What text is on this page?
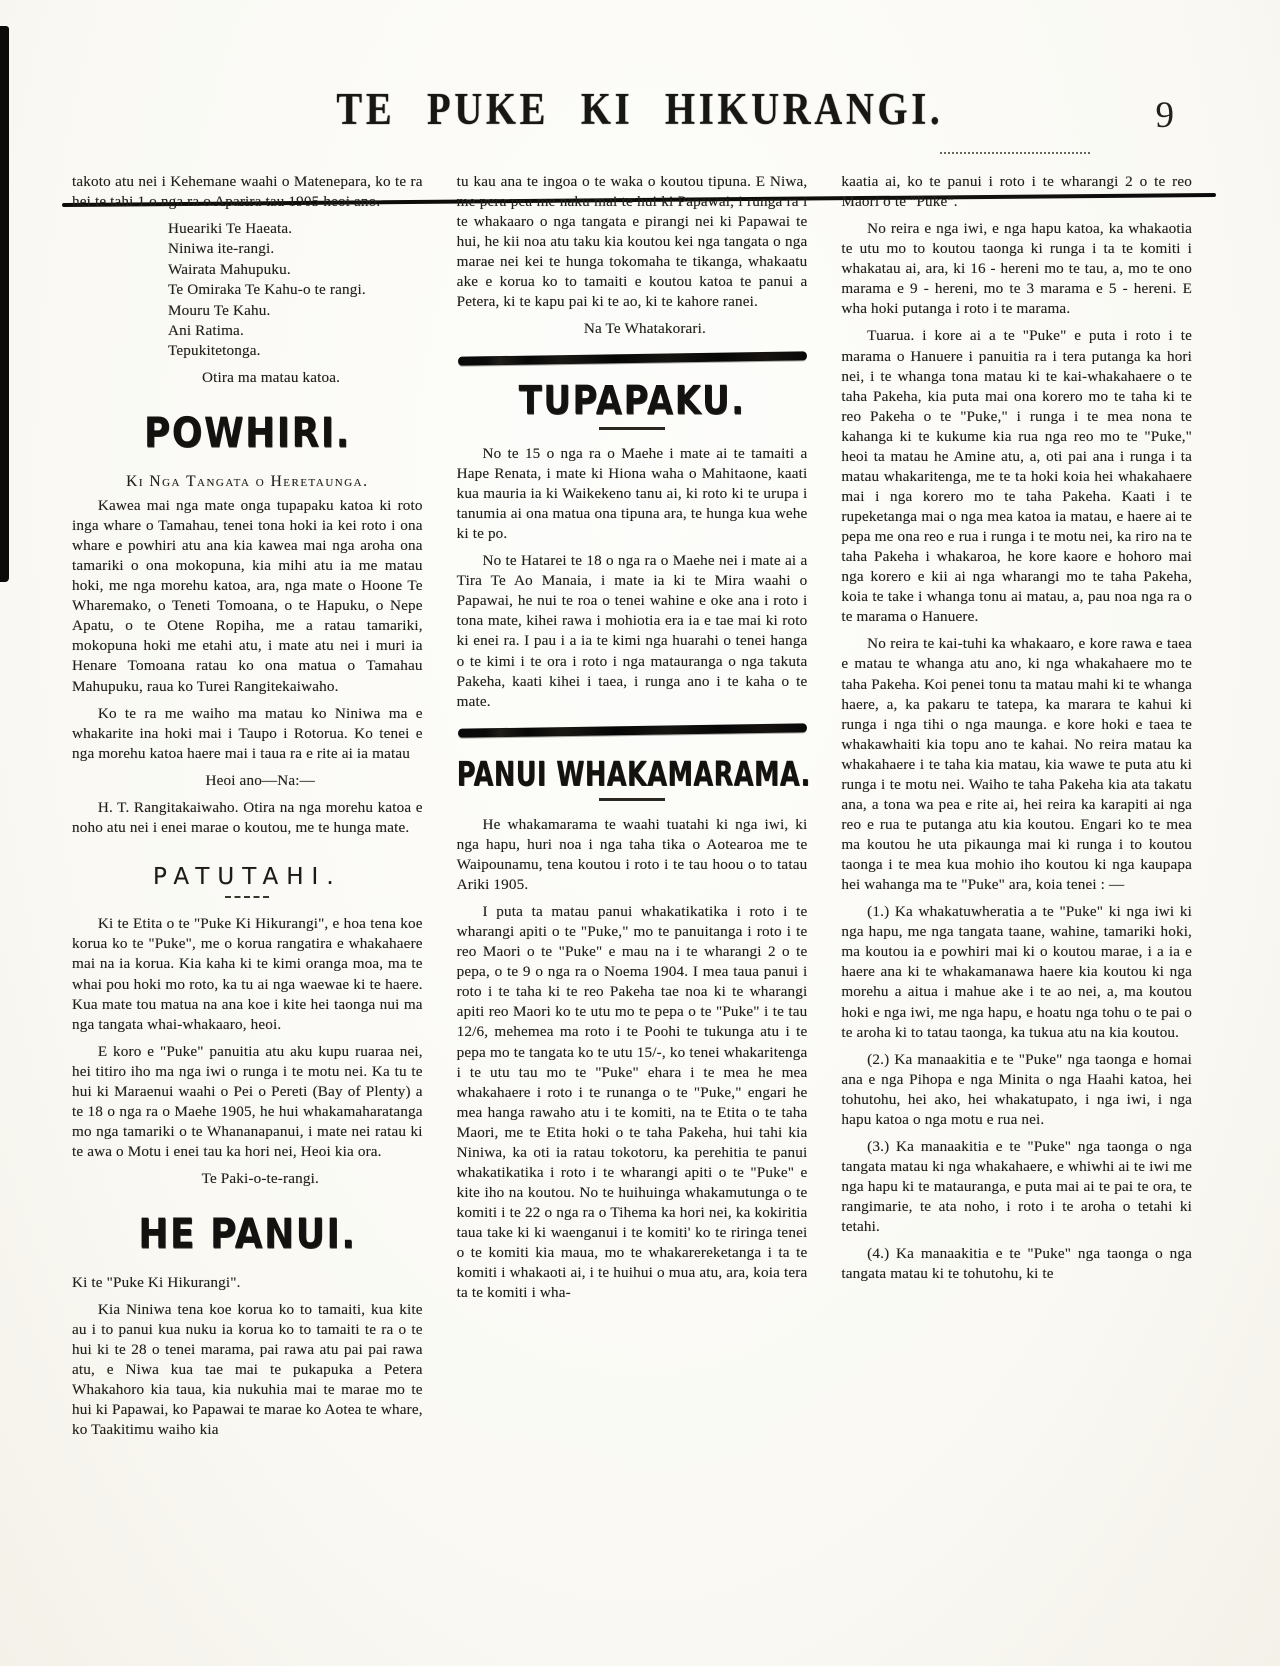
TE PUKE KI HIKURANGI.	9

takoto atu nei i Kehemane waahi o Matenepara, ko te ra hei te tahi 1 o nga ra o Aparira tau 1905 heoi ano.

Hueariki Te Haeata.
Niniwa ite-rangi.
Wairata Mahupuku.
Te Omiraka Te Kahu-o te rangi.
Mouru Te Kahu.
Ani Ratima.
Tepukitetonga.
Otira ma matau katoa.
POWHIRI.
Ki Nga Tangata o Heretaunga.

Kawea mai nga mate onga tupapaku katoa ki roto inga whare o Tamahau, tenei tona hoki ia kei roto i ona whare e powhiri atu ana kia kawea mai nga aroha ona tamariki o ona mokopuna, kia mihi atu ia me matau hoki, me nga morehu katoa, ara, nga mate o Hoone Te Wharemako, o Teneti Tomoana, o te Hapuku, o Nepe Apatu, o te Otene Ropiha, me a ratau tamariki, mokopuna hoki me etahi atu, i mate atu nei i muri ia Henare Tomoana ratau ko ona matua o Tamahau Mahupuku, raua ko Turei Rangitekaiwaho.

Ko te ra me waiho ma matau ko Niniwa ma e whakarite ina hoki mai i Taupo i Rotorua. Ko tenei e nga morehu katoa haere mai i taua ra e rite ai ia matau

Heoi ano—Na:—

H. T. Rangitakaiwaho. Otira na nga morehu katoa e noho atu nei i enei marae o koutou, me te hunga mate.

PATUTAHI.

Ki te Etita o te "Puke Ki Hikurangi", e hoa tena koe korua ko te "Puke", me o korua rangatira e whakahaere mai na ia korua. Kia kaha ki te kimi oranga moa, ma te whai pou hoki mo roto, ka tu ai nga waewae ki te haere. Kua mate tou matua na ana koe i kite hei taonga nui ma nga tangata whai-whakaaro, heoi.

E koro e "Puke" panuitia atu aku kupu ruaraa nei, hei titiro iho ma nga iwi o runga i te motu nei. Ka tu te hui ki Maraenui waahi o Pei o Pereti (Bay of Plenty) a te 18 o nga ra o Maehe 1905, he hui whakamaharatanga mo nga tamariki o te Whananapanui, i mate nei ratau ki te awa o Motu i enei tau ka hori nei, Heoi kia ora.

Te Paki-o-te-rangi.

HE PANUI.

Ki te "Puke Ki Hikurangi".

Kia Niniwa tena koe korua ko to tamaiti, kua kite au i to panui kua nuku ia korua ko to tamaiti te ra o te hui ki te 28 o tenei marama, pai rawa atu pai pai rawa atu, e Niwa kua tae mai te pukapuka a Petera Whakahoro kia taua, kia nukuhia mai te marae mo te hui ki Papawai, ko Papawai te marae ko Aotea te whare, ko Taakitimu waiho kia

tu kau ana te ingoa o te waka o koutou tipuna. E Niwa, me pera pea me naku mai te hui ki Papawai, i runga ra i te whakaaro o nga tangata e pirangi nei ki Papawai te hui, he kii noa atu taku kia koutou kei nga tangata o nga marae nei kei te hunga tokomaha te tikanga, whakaatu ake e korua ko to tamaiti e koutou katoa te panui a Petera, ki te kapu pai ki te ao, ki te kahore ranei.

Na Te Whatakorari.

TUPAPAKU.

No te 15 o nga ra o Maehe i mate ai te tamaiti a Hape Renata, i mate ki Hiona waha o Mahitaone, kaati kua mauria ia ki Waikekeno tanu ai, ki roto ki te urupa i tanumia ai ona matua ona tipuna ara, te hunga kua wehe ki te po.

No te Hatarei te 18 o nga ra o Maehe nei i mate ai a Tira Te Ao Manaia, i mate ia ki te Mira waahi o Papawai, he nui te roa o tenei wahine e oke ana i roto i tona mate, kihei rawa i mohiotia era ia e tae mai ki roto ki enei ra. I pau i a ia te kimi nga huarahi o tenei hanga o te kimi i te ora i roto i nga matauranga o nga takuta Pakeha, kaati kihei i taea, i runga ano i te kaha o te mate.

PANUI WHAKAMARAMA.

He whakamarama te waahi tuatahi ki nga iwi, ki nga hapu, huri noa i nga taha tika o Aotearoa me te Waipounamu, tena koutou i roto i te tau hoou o to tatau Ariki 1905.

I puta ta matau panui whakatikatika i roto i te wharangi apiti o te "Puke," mo te panuitanga i roto i te reo Maori o te "Puke" e mau na i te wharangi 2 o te pepa, o te 9 o nga ra o Noema 1904. I mea taua panui i roto i te taha ki te reo Pakeha tae noa ki te wharangi apiti reo Maori ko te utu mo te pepa o te "Puke" i te tau 12/6, mehemea ma roto i te Poohi te tukunga atu i te pepa mo te tangata ko te utu 15/-, ko tenei whakaritenga i te utu tau mo te "Puke" ehara i te mea he mea whakahaere i roto i te runanga o te "Puke," engari he mea hanga rawaho atu i te komiti, na te Etita o te taha Maori, me te Etita hoki o te taha Pakeha, hui tahi kia Niniwa, ka oti ia ratau tokotoru, ka perehitia te panui whakatikatika i roto i te wharangi apiti o te "Puke" e kite iho na koutou. No te huihuinga whakamutunga o te komiti i te 22 o nga ra o Tihema ka hori nei, ka kokiritia taua take ki ki waenganui i te komiti' ko te riringa tenei o te komiti kia maua, mo te whakarereketanga i ta te komiti i whakaoti ai, i te huihui o mua atu, ara, koia tera ta te komiti i wha-

kaatia ai, ko te panui i roto i te wharangi 2 o te reo Maori o te "Puke".

No reira e nga iwi, e nga hapu katoa, ka whakaotia te utu mo to koutou taonga ki runga i ta te komiti i whakatau ai, ara, ki 16 - hereni mo te tau, a, mo te ono marama e 9 - hereni, mo te 3 marama e 5 - hereni. E wha hoki putanga i roto i te marama.

Tuarua. i kore ai a te "Puke" e puta i roto i te marama o Hanuere i panuitia ra i tera putanga ka hori nei, i te whanga tona matau ki te kai-whakahaere o te taha Pakeha, kia puta mai ona korero mo te taha ki te reo Pakeha o te "Puke," i runga i te mea nona te kahanga ki te kukume kia rua nga reo mo te "Puke," heoi ta matau he Amine atu, a, oti pai ana i runga i ta matau whakaritenga, me te ta hoki koia hei whakahaere mai i nga korero mo te taha Pakeha. Kaati i te rupeketanga mai o nga mea katoa ia matau, e haere ai te pepa me ona reo e rua i runga i te motu nei, ka riro na te taha Pakeha i whakaroa, he kore kaore e hohoro mai nga korero e kii ai nga wharangi mo te taha Pakeha, koia te take i whanga tonu ai matau, a, pau noa nga ra o te marama o Hanuere.

No reira te kai-tuhi ka whakaaro, e kore rawa e taea e matau te whanga atu ano, ki nga whakahaere mo te taha Pakeha. Koi penei tonu ta matau mahi ki te whanga haere, a, ka pakaru te tatepa, ka marara te kahui ki runga i nga tihi o nga maunga. e kore hoki e taea te whakawhaiti kia topu ano te kahai. No reira matau ka whakahaere i te taha kia matau, kia wawe te puta atu ki runga i te motu nei. Waiho te taha Pakeha kia ata takatu ana, a tona wa pea e rite ai, hei reira ka karapiti ai nga reo e rua te putanga atu kia koutou. Engari ko te mea ma koutou he uta pikaunga mai ki runga i to koutou taonga i te mea kua mohio iho koutou ki nga kaupapa hei wahanga ma te "Puke" ara, koia tenei : —

(1.) Ka whakatuwheratia a te "Puke" ki nga iwi ki nga hapu, me nga tangata taane, wahine, tamariki hoki, ma koutou ia e powhiri mai ki o koutou marae, i a ia e haere ana ki te whakamanawa haere kia koutou ki nga morehu a aitua i mahue ake i te ao nei, a, ma koutou hoki e nga iwi, me nga hapu, e hoatu nga tohu o te pai o te aroha ki to tatau taonga, ka tukua atu na kia koutou.

(2.) Ka manaakitia e te "Puke" nga taonga e homai ana e nga Pihopa e nga Minita o nga Haahi katoa, hei tohutohu, hei ako, hei whakatupato, i nga iwi, i nga hapu katoa o nga motu e rua nei.

(3.) Ka manaakitia e te "Puke" nga taonga o nga tangata matau ki nga whakahaere, e whiwhi ai te iwi me nga hapu ki te matauranga, e puta mai ai te pai te ora, te rangimarie, te ata noho, i roto i te aroha o tetahi ki tetahi.

(4.) Ka manaakitia e te "Puke" nga taonga o nga tangata matau ki te tohutohu, ki te
